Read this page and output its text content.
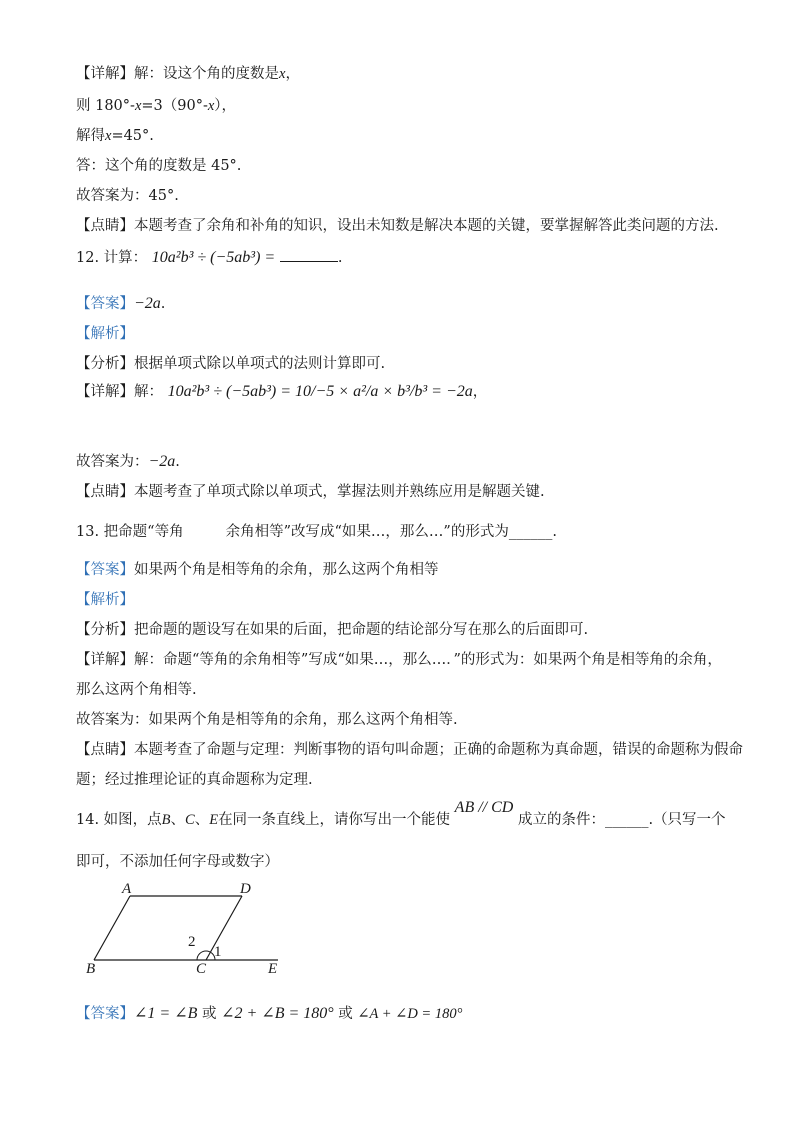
【详解】解：设这个角的度数是x，
则 180°-x=3（90°-x），
解得x=45°.
答：这个角的度数是 45°.
故答案为：45°.
【点睛】本题考查了余角和补角的知识，设出未知数是解决本题的关键，要掌握解答此类问题的方法.
12. 计算： 10a²b³ ÷ (−5ab³) =	.
【答案】−2a.
【解析】
【分析】根据单项式除以单项式的法则计算即可.
【详解】解： 10a²b³ ÷ (−5ab³) = 10/−5 × a²/a × b³/b³ = −2a，
故答案为：−2a.
【点睛】本题考查了单项式除以单项式，掌握法则并熟练应用是解题关键.
13. 把命题“等角	余角相等”改写成“如果…，那么…”的形式为______.
【答案】如果两个角是相等角的余角，那么这两个角相等
【解析】
【分析】把命题的题设写在如果的后面，把命题的结论部分写在那么的后面即可.
【详解】解：命题“等角的余角相等”写成“如果…，那么…．”的形式为：如果两个角是相等角的余角，
那么这两个角相等.
故答案为：如果两个角是相等角的余角，那么这两个角相等.
【点睛】本题考查了命题与定理：判断事物的语句叫命题；正确的命题称为真命题，错误的命题称为假命
题；经过推理论证的真命题称为定理.
14. 如图，点B、C、E在同一条直线上，请你写出一个能使 AB // CD 成立的条件：______.（只写一个
即可，不添加任何字母或数字）
A	D
B	C	E
2
1
【答案】∠1 = ∠B 或 ∠2 + ∠B = 180° 或 ∠A + ∠D = 180°
